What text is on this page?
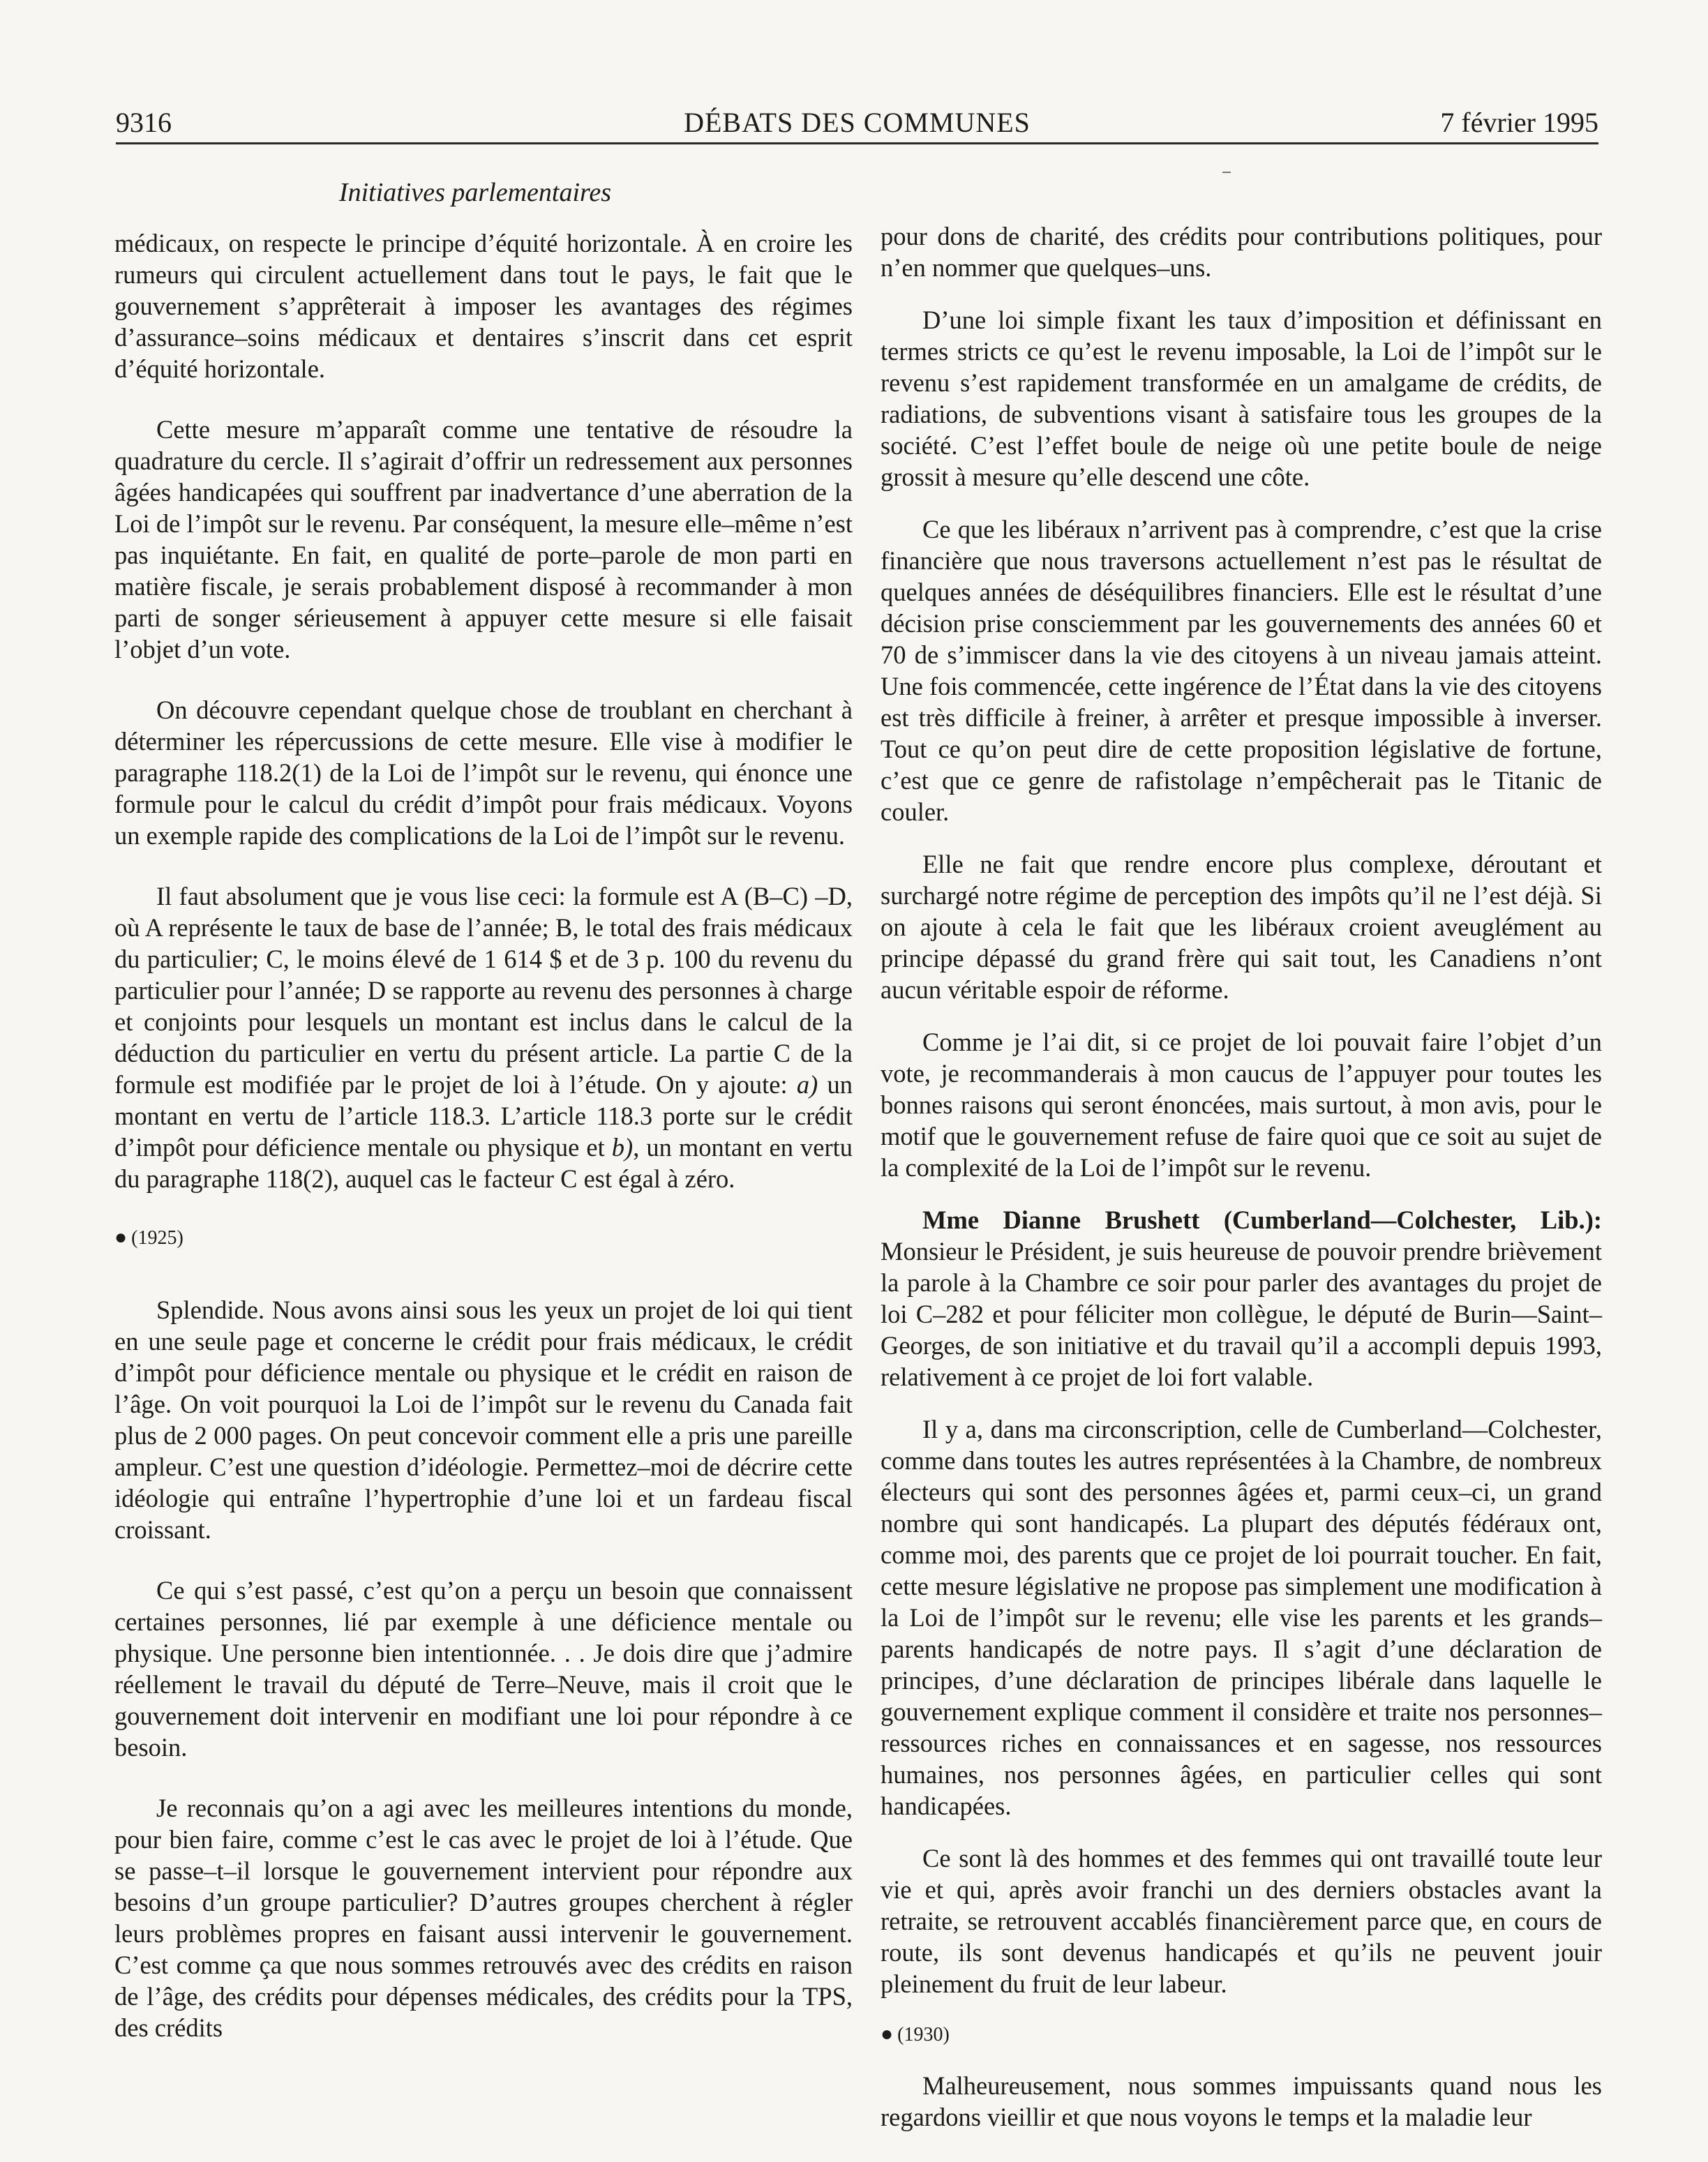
9316	DÉBATS DES COMMUNES	7 février 1995
Initiatives parlementaires

médicaux, on respecte le principe d’équité horizontale. À en croire les rumeurs qui circulent actuellement dans tout le pays, le fait que le gouvernement s’apprêterait à imposer les avantages des régimes d’assurance–soins médicaux et dentaires s’inscrit dans cet esprit d’équité horizontale.

Cette mesure m’apparaît comme une tentative de résoudre la quadrature du cercle. Il s’agirait d’offrir un redressement aux personnes âgées handicapées qui souffrent par inadvertance d’une aberration de la Loi de l’impôt sur le revenu. Par conséquent, la mesure elle–même n’est pas inquiétante. En fait, en qualité de porte–parole de mon parti en matière fiscale, je serais probablement disposé à recommander à mon parti de songer sérieusement à appuyer cette mesure si elle faisait l’objet d’un vote.

On découvre cependant quelque chose de troublant en cherchant à déterminer les répercussions de cette mesure. Elle vise à modifier le paragraphe 118.2(1) de la Loi de l’impôt sur le revenu, qui énonce une formule pour le calcul du crédit d’impôt pour frais médicaux. Voyons un exemple rapide des complications de la Loi de l’impôt sur le revenu.

Il faut absolument que je vous lise ceci: la formule est A (B–C) –D, où A représente le taux de base de l’année; B, le total des frais médicaux du particulier; C, le moins élevé de 1 614 $ et de 3 p. 100 du revenu du particulier pour l’année; D se rapporte au revenu des personnes à charge et conjoints pour lesquels un montant est inclus dans le calcul de la déduction du particulier en vertu du présent article. La partie C de la formule est modifiée par le projet de loi à l’étude. On y ajoute: a) un montant en vertu de l’article 118.3. L’article 118.3 porte sur le crédit d’impôt pour déficience mentale ou physique et b), un montant en vertu du paragraphe 118(2), auquel cas le facteur C est égal à zéro.

● (1925)

Splendide. Nous avons ainsi sous les yeux un projet de loi qui tient en une seule page et concerne le crédit pour frais médicaux, le crédit d’impôt pour déficience mentale ou physique et le crédit en raison de l’âge. On voit pourquoi la Loi de l’impôt sur le revenu du Canada fait plus de 2 000 pages. On peut concevoir comment elle a pris une pareille ampleur. C’est une question d’idéologie. Permettez–moi de décrire cette idéologie qui entraîne l’hypertrophie d’une loi et un fardeau fiscal croissant.

Ce qui s’est passé, c’est qu’on a perçu un besoin que connaissent certaines personnes, lié par exemple à une déficience mentale ou physique. Une personne bien intentionnée. . . Je dois dire que j’admire réellement le travail du député de Terre–Neuve, mais il croit que le gouvernement doit intervenir en modifiant une loi pour répondre à ce besoin.

Je reconnais qu’on a agi avec les meilleures intentions du monde, pour bien faire, comme c’est le cas avec le projet de loi à l’étude. Que se passe–t–il lorsque le gouvernement intervient pour répondre aux besoins d’un groupe particulier? D’autres groupes cherchent à régler leurs problèmes propres en faisant aussi intervenir le gouvernement. C’est comme ça que nous sommes retrouvés avec des crédits en raison de l’âge, des crédits pour dépenses médicales, des crédits pour la TPS, des crédits

pour dons de charité, des crédits pour contributions politiques, pour n’en nommer que quelques–uns.

D’une loi simple fixant les taux d’imposition et définissant en termes stricts ce qu’est le revenu imposable, la Loi de l’impôt sur le revenu s’est rapidement transformée en un amalgame de crédits, de radiations, de subventions visant à satisfaire tous les groupes de la société. C’est l’effet boule de neige où une petite boule de neige grossit à mesure qu’elle descend une côte.

Ce que les libéraux n’arrivent pas à comprendre, c’est que la crise financière que nous traversons actuellement n’est pas le résultat de quelques années de déséquilibres financiers. Elle est le résultat d’une décision prise consciemment par les gouvernements des années 60 et 70 de s’immiscer dans la vie des citoyens à un niveau jamais atteint. Une fois commencée, cette ingérence de l’État dans la vie des citoyens est très difficile à freiner, à arrêter et presque impossible à inverser. Tout ce qu’on peut dire de cette proposition législative de fortune, c’est que ce genre de rafistolage n’empêcherait pas le Titanic de couler.

Elle ne fait que rendre encore plus complexe, déroutant et surchargé notre régime de perception des impôts qu’il ne l’est déjà. Si on ajoute à cela le fait que les libéraux croient aveuglément au principe dépassé du grand frère qui sait tout, les Canadiens n’ont aucun véritable espoir de réforme.

Comme je l’ai dit, si ce projet de loi pouvait faire l’objet d’un vote, je recommanderais à mon caucus de l’appuyer pour toutes les bonnes raisons qui seront énoncées, mais surtout, à mon avis, pour le motif que le gouvernement refuse de faire quoi que ce soit au sujet de la complexité de la Loi de l’impôt sur le revenu.

Mme Dianne Brushett (Cumberland—Colchester, Lib.): Monsieur le Président, je suis heureuse de pouvoir prendre brièvement la parole à la Chambre ce soir pour parler des avantages du projet de loi C–282 et pour féliciter mon collègue, le député de Burin—Saint–Georges, de son initiative et du travail qu’il a accompli depuis 1993, relativement à ce projet de loi fort valable.

Il y a, dans ma circonscription, celle de Cumberland—Colchester, comme dans toutes les autres représentées à la Chambre, de nombreux électeurs qui sont des personnes âgées et, parmi ceux–ci, un grand nombre qui sont handicapés. La plupart des députés fédéraux ont, comme moi, des parents que ce projet de loi pourrait toucher. En fait, cette mesure législative ne propose pas simplement une modification à la Loi de l’impôt sur le revenu; elle vise les parents et les grands–parents handicapés de notre pays. Il s’agit d’une déclaration de principes, d’une déclaration de principes libérale dans laquelle le gouvernement explique comment il considère et traite nos personnes–ressources riches en connaissances et en sagesse, nos ressources humaines, nos personnes âgées, en particulier celles qui sont handicapées.

Ce sont là des hommes et des femmes qui ont travaillé toute leur vie et qui, après avoir franchi un des derniers obstacles avant la retraite, se retrouvent accablés financièrement parce que, en cours de route, ils sont devenus handicapés et qu’ils ne peuvent jouir pleinement du fruit de leur labeur.

● (1930)

Malheureusement, nous sommes impuissants quand nous les regardons vieillir et que nous voyons le temps et la maladie leur
